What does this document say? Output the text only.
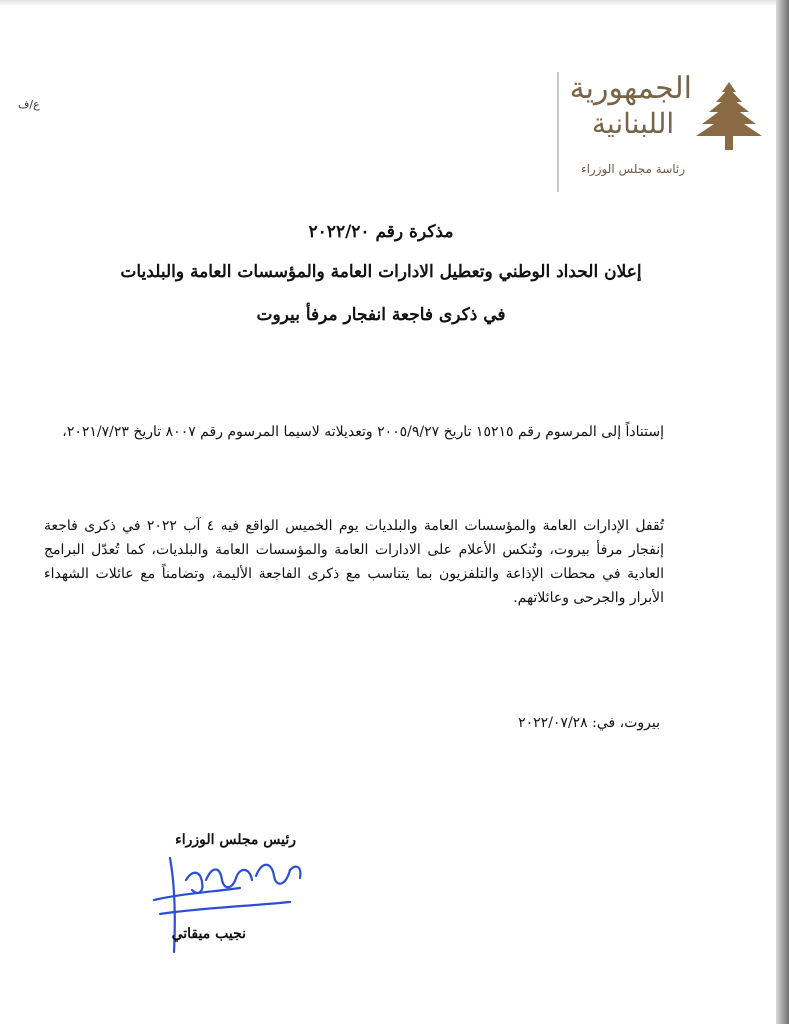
ع/ف	الجمهورية
اللبنانية
رئاسة مجلس الوزراء
مذكرة رقم ٢٠٢٢/٢٠
إعلان الحداد الوطني وتعطيل الادارات العامة والمؤسسات العامة والبلديات
في ذكرى فاجعة انفجار مرفأ بيروت
إستناداً إلى المرسوم رقم ١٥٢١٥ تاريخ ٢٠٠٥/٩/٢٧ وتعديلاته لاسيما المرسوم رقم ٨٠٠٧ تاريخ ٢٠٢١/٧/٢٣،
تُقفل الإدارات العامة والمؤسسات العامة والبلديات يوم الخميس الواقع فيه ٤ آب ٢٠٢٢ في ذكرى فاجعة إنفجار مرفأ بيروت، وتُنكس الأعلام على الادارات العامة والمؤسسات العامة والبلديات، كما تُعدّل البرامج العادية في محطات الإذاعة والتلفزيون بما يتناسب مع ذكرى الفاجعة الأليمة، وتضامناً مع عائلات الشهداء الأبرار والجرحى وعائلاتهم.
بيروت، في: ٢٠٢٢/٠٧/٢٨
رئيس مجلس الوزراء
نجيب ميقاتي
